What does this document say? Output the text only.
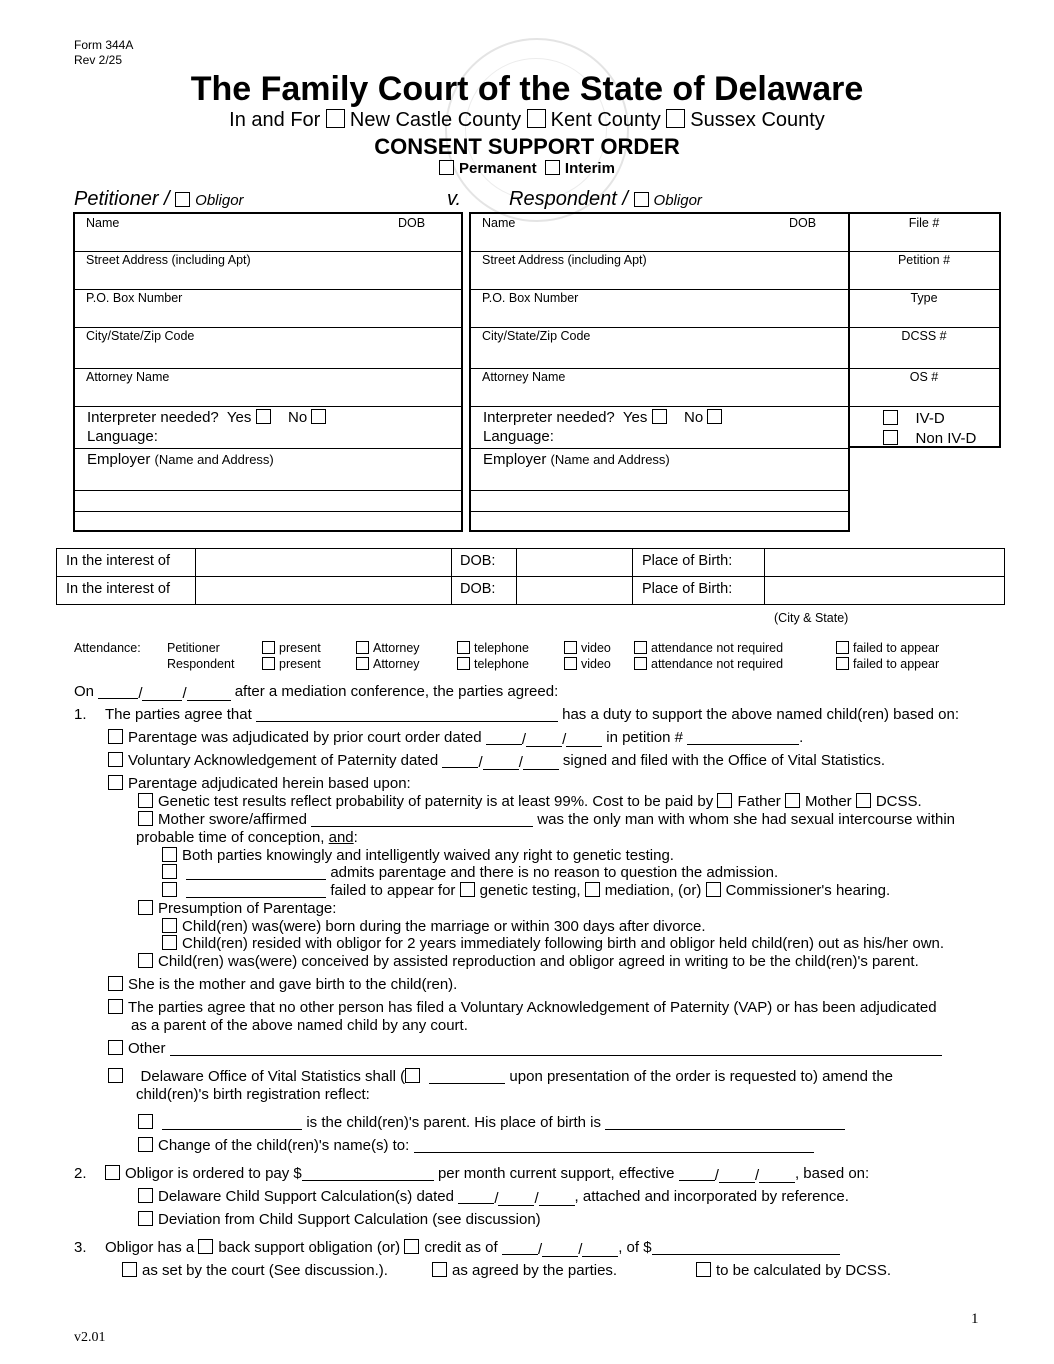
Form 344A
Rev 2/25
The Family Court of the State of Delaware
In and For New Castle County Kent County Sussex County
CONSENT SUPPORT ORDER
Permanent Interim
Petitioner / Obligor	v. Respondent / Obligor
Name	DOB
Street Address (including Apt)
P.O. Box Number
City/State/Zip Code
Attorney Name
Interpreter needed? Yes No
Language:
Employer (Name and Address)
Name	DOB
Street Address (including Apt)
P.O. Box Number
City/State/Zip Code
Attorney Name
Interpreter needed? Yes No
Language:
Employer (Name and Address)
File #
Petition #
Type
DCSS #
OS #
IV-D
Non IV-D
In the interest of	DOB:	Place of Birth:
In the interest of	DOB:	Place of Birth:
(City & State)
Attendance: Petitioner
Respondent
present	Attorney	telephone	video	attendance not required	failed to appear
present	Attorney	telephone	video	attendance not required	failed to appear
On / /	after a mediation conference, the parties agreed:
1. The parties agree that	has a duty to support the above named child(ren) based on:
Parentage was adjudicated by prior court order dated / /	in petition #	.
Voluntary Acknowledgement of Paternity dated / /	signed and filed with the Office of Vital Statistics.
Parentage adjudicated herein based upon:
Genetic test results reflect probability of paternity is at least 99%. Cost to be paid by Father Mother DCSS.
Mother swore/affirmed	was the only man with whom she had sexual intercourse within
probable time of conception, and:
Both parties knowingly and intelligently waived any right to genetic testing.
admits parentage and there is no reason to question the admission.
failed to appear for genetic testing, mediation, (or) Commissioner's hearing.
Presumption of Parentage:
Child(ren) was(were) born during the marriage or within 300 days after divorce.
Child(ren) resided with obligor for 2 years immediately following birth and obligor held child(ren) out as his/her own.
Child(ren) was(were) conceived by assisted reproduction and obligor agreed in writing to be the child(ren)'s parent.
She is the mother and gave birth to the child(ren).
The parties agree that no other person has filed a Voluntary Acknowledgement of Paternity (VAP) or has been adjudicated
as a parent of the above named child by any court.
Other
Delaware Office of Vital Statistics shall (	upon presentation of the order is requested to) amend the
child(ren)'s birth registration reflect:
is the child(ren)'s parent. His place of birth is
Change of the child(ren)'s name(s) to:
2.	Obligor is ordered to pay $	per month current support, effective / /	, based on:
Delaware Child Support Calculation(s) dated / /	, attached and incorporated by reference.
Deviation from Child Support Calculation (see discussion)
3. Obligor has a back support obligation (or) credit as of / /	, of $
as set by the court (See discussion.).	as agreed by the parties.	to be calculated by DCSS.
1
v2.01
